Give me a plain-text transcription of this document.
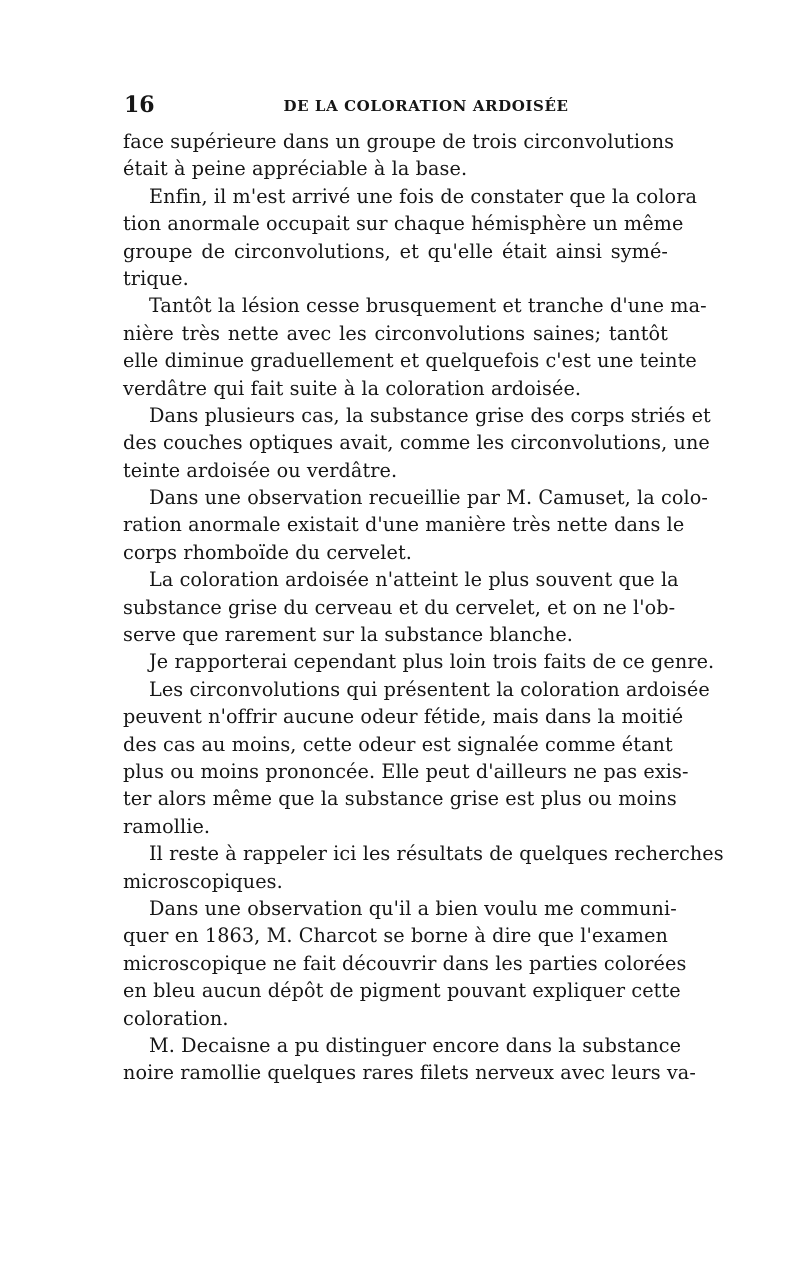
16	DE LA COLORATION ARDOISÉE
face supérieure dans un groupe de trois circonvolutions
était à peine appréciable à la base.
Enfin, il m'est arrivé une fois de constater que la colora
tion anormale occupait sur chaque hémisphère un même
groupe de circonvolutions, et qu'elle était ainsi symé-
trique.
Tantôt la lésion cesse brusquement et tranche d'une ma-
nière très nette avec les circonvolutions saines; tantôt
elle diminue graduellement et quelquefois c'est une teinte
verdâtre qui fait suite à la coloration ardoisée.
Dans plusieurs cas, la substance grise des corps striés et
des couches optiques avait, comme les circonvolutions, une
teinte ardoisée ou verdâtre.
Dans une observation recueillie par M. Camuset, la colo-
ration anormale existait d'une manière très nette dans le
corps rhomboïde du cervelet.
La coloration ardoisée n'atteint le plus souvent que la
substance grise du cerveau et du cervelet, et on ne l'ob-
serve que rarement sur la substance blanche.
Je rapporterai cependant plus loin trois faits de ce genre.
Les circonvolutions qui présentent la coloration ardoisée
peuvent n'offrir aucune odeur fétide, mais dans la moitié
des cas au moins, cette odeur est signalée comme étant
plus ou moins prononcée. Elle peut d'ailleurs ne pas exis-
ter alors même que la substance grise est plus ou moins
ramollie.
Il reste à rappeler ici les résultats de quelques recherches
microscopiques.
Dans une observation qu'il a bien voulu me communi-
quer en 1863, M. Charcot se borne à dire que l'examen
microscopique ne fait découvrir dans les parties colorées
en bleu aucun dépôt de pigment pouvant expliquer cette
coloration.
M. Decaisne a pu distinguer encore dans la substance
noire ramollie quelques rares filets nerveux avec leurs va-
